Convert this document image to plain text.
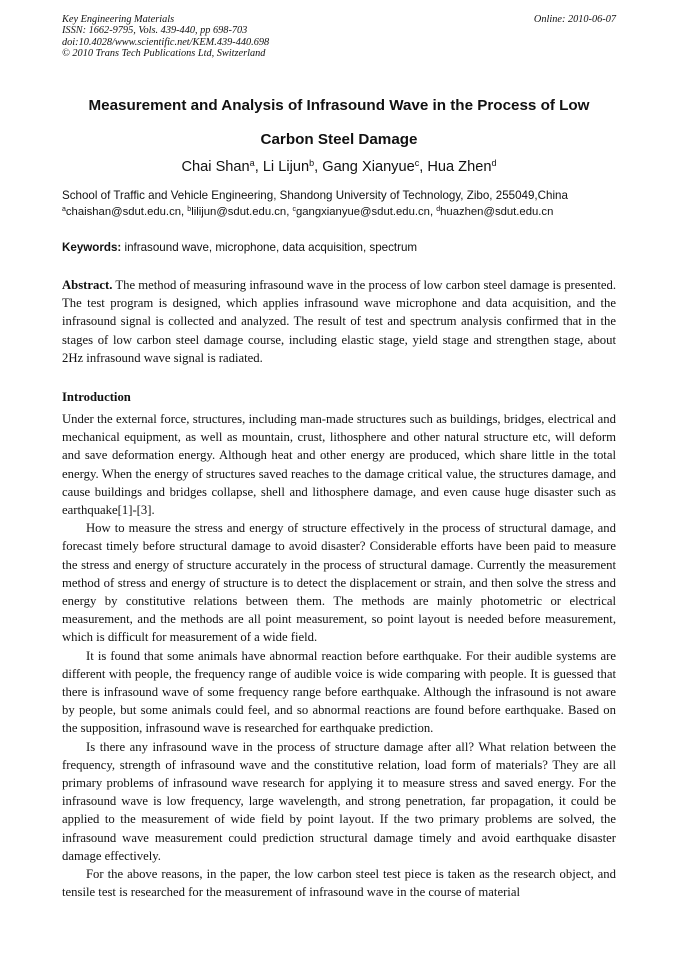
Key Engineering Materials
ISSN: 1662-9795, Vols. 439-440, pp 698-703
doi:10.4028/www.scientific.net/KEM.439-440.698
© 2010 Trans Tech Publications Ltd, Switzerland
Online: 2010-06-07
Measurement and Analysis of Infrasound Wave in the Process of Low
Carbon Steel Damage
Chai Shan$^a$, Li Lijun$^b$, Gang Xianyue$^c$, Hua Zhen$^d$
School of Traffic and Vehicle Engineering, Shandong University of Technology, Zibo, 255049,China
$^a$chaishan@sdut.edu.cn, $^b$lilijun@sdut.edu.cn, $^c$gangxianyue@sdut.edu.cn, $^d$huazhen@sdut.edu.cn
Keywords: infrasound wave, microphone, data acquisition, spectrum
Abstract. The method of measuring infrasound wave in the process of low carbon steel damage is presented. The test program is designed, which applies infrasound wave microphone and data acquisition, and the infrasound signal is collected and analyzed. The result of test and spectrum analysis confirmed that in the stages of low carbon steel damage course, including elastic stage, yield stage and strengthen stage, about 2Hz infrasound wave signal is radiated.
Introduction

Under the external force, structures, including man-made structures such as buildings, bridges, electrical and mechanical equipment, as well as mountain, crust, lithosphere and other natural structure etc, will deform and save deformation energy. Although heat and other energy are produced, which share little in the total energy. When the energy of structures saved reaches to the damage critical value, the structures damage, and cause buildings and bridges collapse, shell and lithosphere damage, and even cause huge disaster such as earthquake[1]-[3].

How to measure the stress and energy of structure effectively in the process of structural damage, and forecast timely before structural damage to avoid disaster? Considerable efforts have been paid to measure the stress and energy of structure accurately in the process of structural damage. Currently the measurement method of stress and energy of structure is to detect the displacement or strain, and then solve the stress and energy by constitutive relations between them. The methods are mainly photometric or electrical measurement, and the methods are all point measurement, so point layout is needed before measurement, which is difficult for measurement of a wide field.

It is found that some animals have abnormal reaction before earthquake. For their audible systems are different with people, the frequency range of audible voice is wide comparing with people. It is guessed that there is infrasound wave of some frequency range before earthquake. Although the infrasound is not aware by people, but some animals could feel, and so abnormal reactions are found before earthquake. Based on the supposition, infrasound wave is researched for earthquake prediction.

Is there any infrasound wave in the process of structure damage after all? What relation between the frequency, strength of infrasound wave and the constitutive relation, load form of materials? They are all primary problems of infrasound wave research for applying it to measure stress and saved energy. For the infrasound wave is low frequency, large wavelength, and strong penetration, far propagation, it could be applied to the measurement of wide field by point layout. If the two primary problems are solved, the infrasound wave measurement could prediction structural damage timely and avoid earthquake disaster damage effectively.

For the above reasons, in the paper, the low carbon steel test piece is taken as the research object, and tensile test is researched for the measurement of infrasound wave in the course of material
